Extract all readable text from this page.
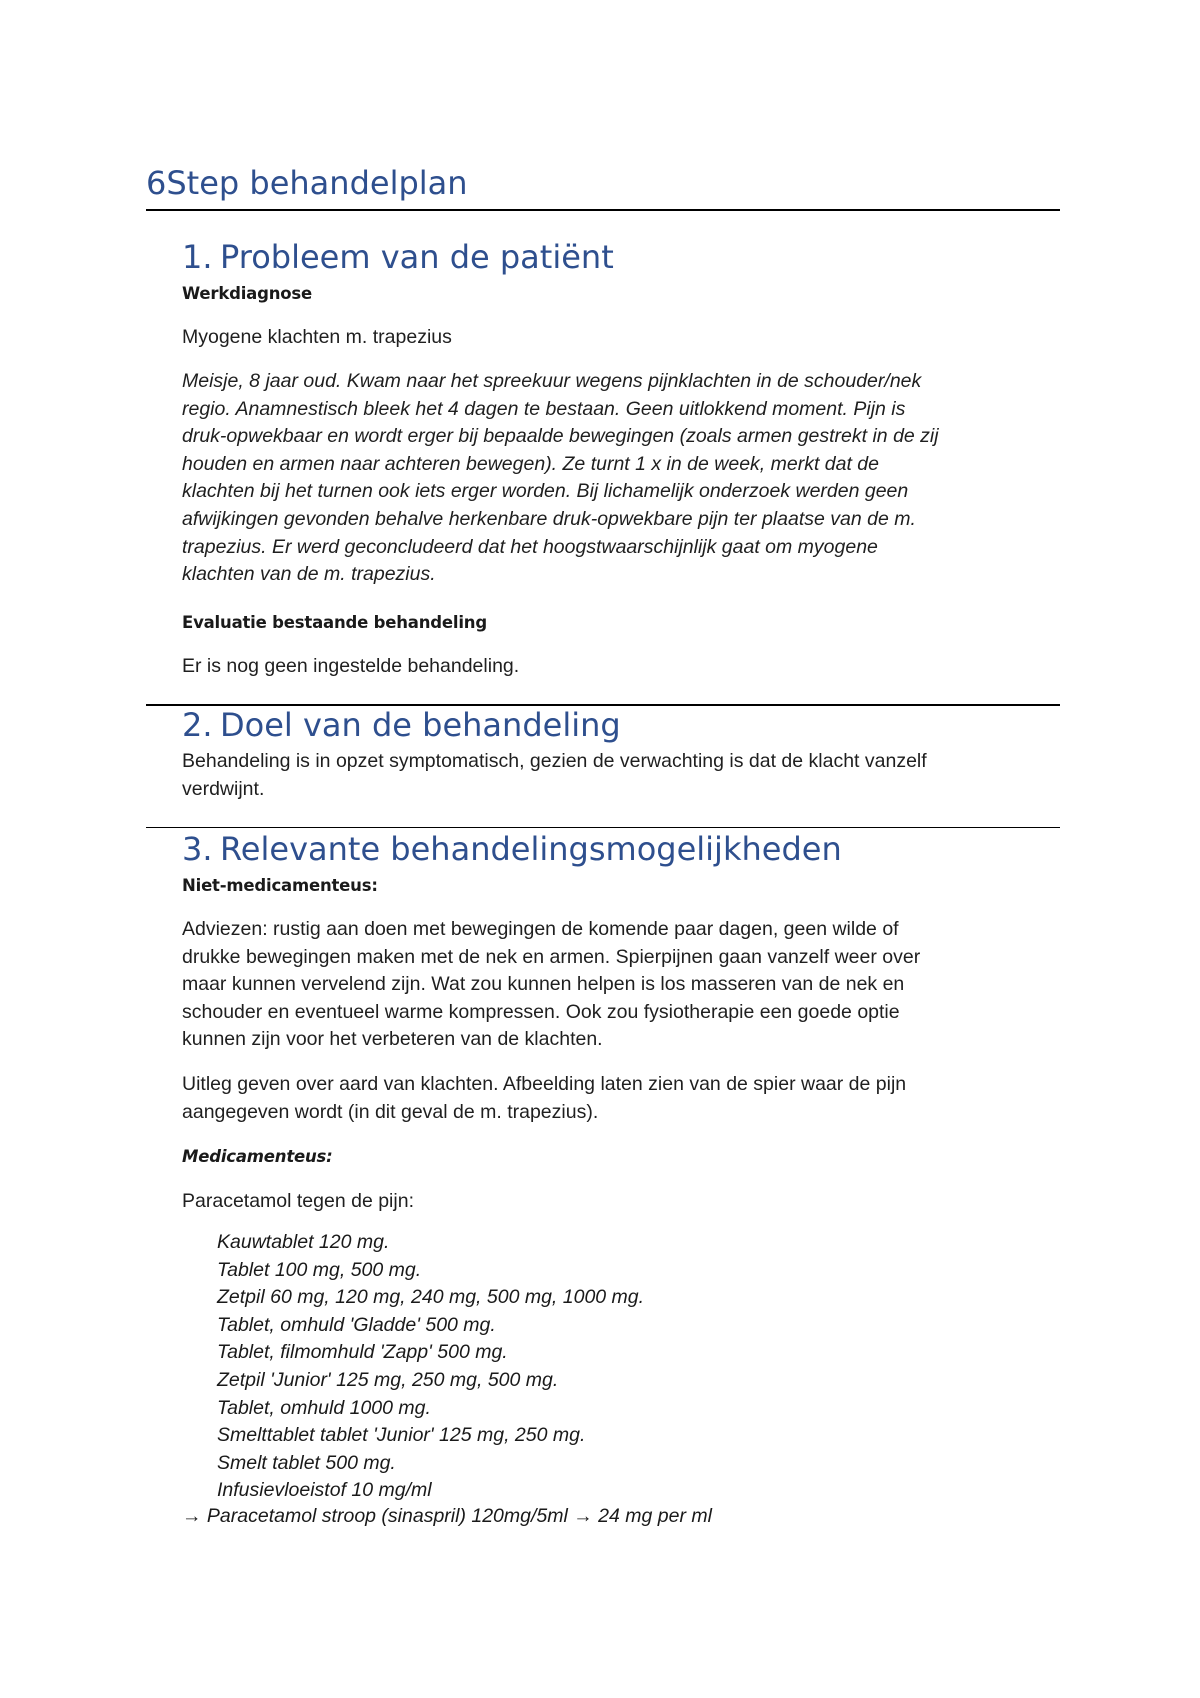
6Step behandelplan
1. Probleem van de patiënt
Werkdiagnose
Myogene klachten m. trapezius
Meisje, 8 jaar oud. Kwam naar het spreekuur wegens pijnklachten in de schouder/nek
regio. Anamnestisch bleek het 4 dagen te bestaan. Geen uitlokkend moment. Pijn is
druk-opwekbaar en wordt erger bij bepaalde bewegingen (zoals armen gestrekt in de zij
houden en armen naar achteren bewegen). Ze turnt 1 x in de week, merkt dat de
klachten bij het turnen ook iets erger worden. Bij lichamelijk onderzoek werden geen
afwijkingen gevonden behalve herkenbare druk-opwekbare pijn ter plaatse van de m.
trapezius. Er werd geconcludeerd dat het hoogstwaarschijnlijk gaat om myogene
klachten van de m. trapezius.
Evaluatie bestaande behandeling
Er is nog geen ingestelde behandeling.
2. Doel van de behandeling
Behandeling is in opzet symptomatisch, gezien de verwachting is dat de klacht vanzelf
verdwijnt.
3. Relevante behandelingsmogelijkheden
Niet-medicamenteus:
Adviezen: rustig aan doen met bewegingen de komende paar dagen, geen wilde of
drukke bewegingen maken met de nek en armen. Spierpijnen gaan vanzelf weer over
maar kunnen vervelend zijn. Wat zou kunnen helpen is los masseren van de nek en
schouder en eventueel warme kompressen. Ook zou fysiotherapie een goede optie
kunnen zijn voor het verbeteren van de klachten.
Uitleg geven over aard van klachten. Afbeelding laten zien van de spier waar de pijn
aangegeven wordt (in dit geval de m. trapezius).
Medicamenteus:
Paracetamol tegen de pijn:
Kauwtablet 120 mg.
Tablet 100 mg, 500 mg.
Zetpil 60 mg, 120 mg, 240 mg, 500 mg, 1000 mg.
Tablet, omhuld 'Gladde' 500 mg.
Tablet, filmomhuld 'Zapp' 500 mg.
Zetpil 'Junior' 125 mg, 250 mg, 500 mg.
Tablet, omhuld 1000 mg.
Smelttablet tablet 'Junior' 125 mg, 250 mg.
Smelt tablet 500 mg.
Infusievloeistof 10 mg/ml
→ Paracetamol stroop (sinaspril) 120mg/5ml → 24 mg per ml
